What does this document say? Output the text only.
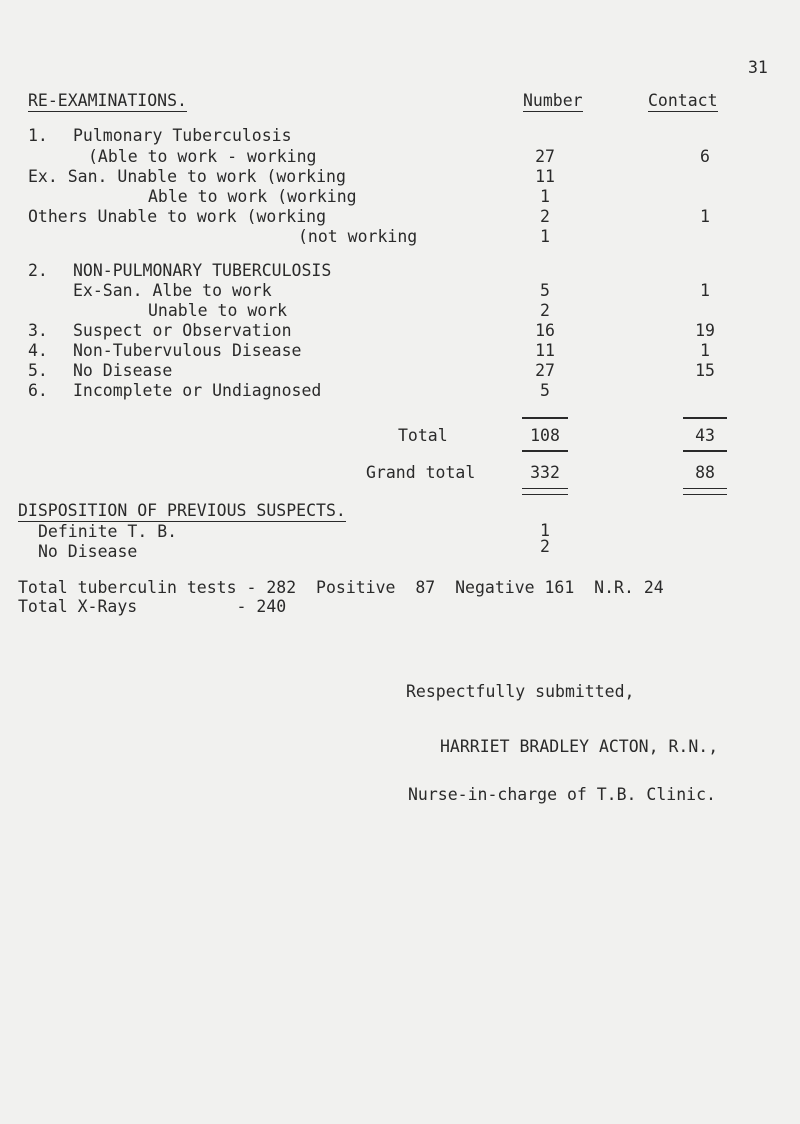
31
RE-EXAMINATIONS.	Number	Contact
1. Pulmonary Tuberculosis
(Able to work - working	27	6
Ex. San. Unable to work (working	11
Able to work (working	1
Others Unable to work (working	2	1
(not working	1
2. NON-PULMONARY TUBERCULOSIS
Ex-San. Albe to work	5	1
Unable to work	2
3. Suspect or Observation	16	19
4. Non-Tubervulous Disease	11	1
5. No Disease	27	15
6. Incomplete or Undiagnosed	5
Total	108	43
Grand total	332	88
DISPOSITION OF PREVIOUS SUSPECTS.
Definite T. B.	1
No Disease	2
Total tuberculin tests - 282  Positive  87  Negative 161  N.R. 24
Total X-Rays          - 240
Respectfully submitted,
HARRIET BRADLEY ACTON, R.N.,
Nurse-in-charge of T.B. Clinic.
